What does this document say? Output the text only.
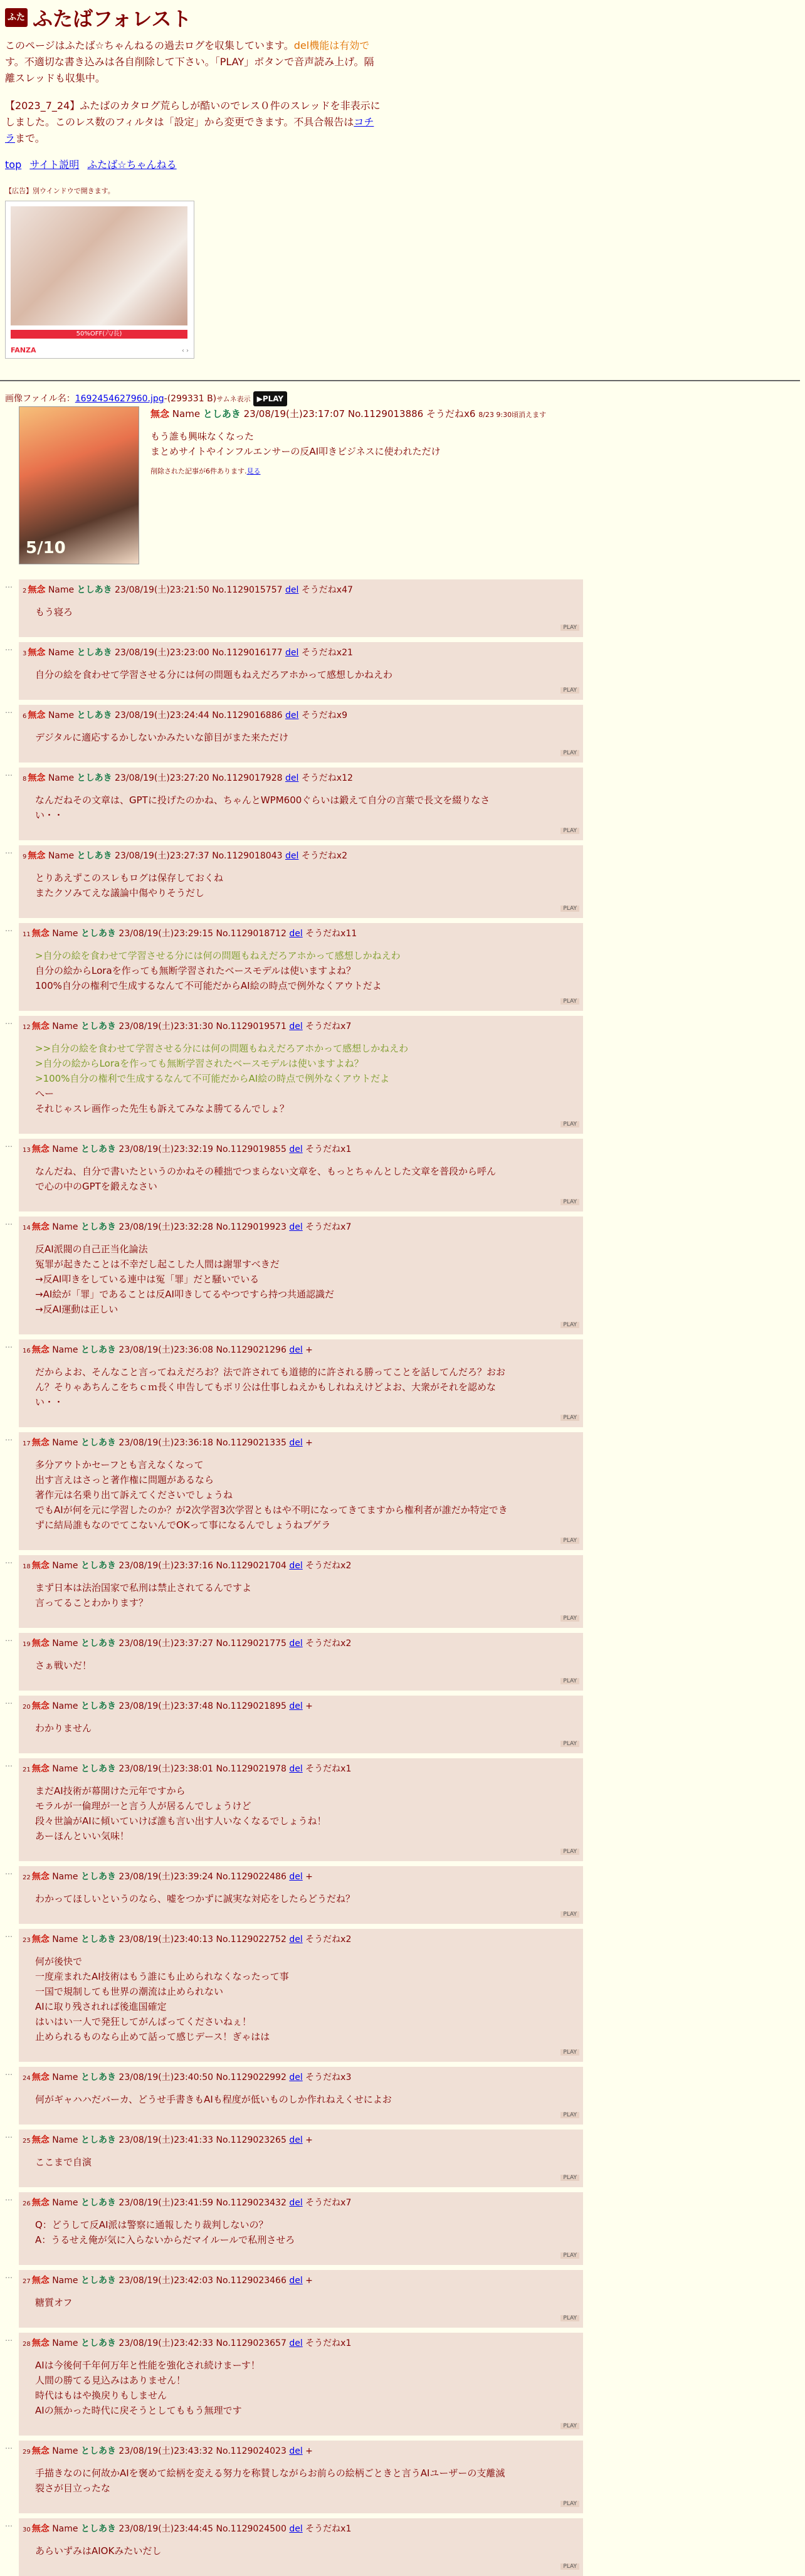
ふた ふたばフォレスト

このページはふたば☆ちゃんねるの過去ログを収集しています。del機能は有効です。不適切な書き込みは各自削除して下さい。「PLAY」ボタンで音声読み上げ。隔離スレッドも収集中。

【2023_7_24】ふたばのカタログ荒らしが酷いのでレス０件のスレッドを非表示にしました。このレス数のフィルタは「設定」から変更できます。不具合報告はコチラまで。

top サイト説明 ふたば☆ちゃんねる
【広告】別ウインドウで開きます。
50%OFF(六/長)
FANZA	‹ ›
画像ファイル名：1692454627960.jpg-(299331 B)サムネ表示 ▶PLAY
5/10
無念 Name としあき 23/08/19(土)23:17:07 No.1129013886 そうだねx6 8/23 9:30頃消えます
もう誰も興味なくなった
まとめサイトやインフルエンサーの反AI叩きビジネスに使われただけ
削除された記事が6件あります.見る
…
2 無念 Name としあき 23/08/19(土)23:21:50 No.1129015757 del そうだねx47
もう寝ろ
PLAY
…
3 無念 Name としあき 23/08/19(土)23:23:00 No.1129016177 del そうだねx21
自分の絵を食わせて学習させる分には何の問題もねえだろアホかって感想しかねえわ
PLAY
…
6 無念 Name としあき 23/08/19(土)23:24:44 No.1129016886 del そうだねx9
デジタルに適応するかしないかみたいな節目がまた来ただけ
PLAY
…
8 無念 Name としあき 23/08/19(土)23:27:20 No.1129017928 del そうだねx12
なんだねその文章は、GPTに投げたのかね、ちゃんとWPM600ぐらいは鍛えて自分の言葉で長文を綴りなさ
い・・
PLAY
…
9 無念 Name としあき 23/08/19(土)23:27:37 No.1129018043 del そうだねx2
とりあえずこのスレもログは保存しておくね
またクソみてえな議論中傷やりそうだし
PLAY
…
11 無念 Name としあき 23/08/19(土)23:29:15 No.1129018712 del そうだねx11
>自分の絵を食わせて学習させる分には何の問題もねえだろアホかって感想しかねえわ
自分の絵からLoraを作っても無断学習されたベースモデルは使いますよね？
100%自分の権利で生成するなんて不可能だからAI絵の時点で例外なくアウトだよ
PLAY
…
12 無念 Name としあき 23/08/19(土)23:31:30 No.1129019571 del そうだねx7
>>自分の絵を食わせて学習させる分には何の問題もねえだろアホかって感想しかねえわ
>自分の絵からLoraを作っても無断学習されたベースモデルは使いますよね？
>100%自分の権利で生成するなんて不可能だからAI絵の時点で例外なくアウトだよ
へー
それじゃスレ画作った先生も訴えてみなよ勝てるんでしょ？
PLAY
…
13 無念 Name としあき 23/08/19(土)23:32:19 No.1129019855 del そうだねx1
なんだね、自分で書いたというのかねその種拙でつまらない文章を、もっとちゃんとした文章を普段から呼ん
で心の中のGPTを鍛えなさい
PLAY
…
14 無念 Name としあき 23/08/19(土)23:32:28 No.1129019923 del そうだねx7
反AI派閥の自己正当化論法
冤罪が起きたことは不幸だし起こした人間は謝罪すべきだ
→反AI叩きをしている連中は冤「罪」だと騒いでいる
→AI絵が「罪」であることは反AI叩きしてるやつですら持つ共通認識だ
→反AI運動は正しい
PLAY
…
16 無念 Name としあき 23/08/19(土)23:36:08 No.1129021296 del +
だからよお、そんなこと言ってねえだろお？法で許されても道徳的に許される勝ってことを話してんだろ？おお
ん？そりゃあちんこをちｃｍ長く申告してもポリ公は仕事しねえかもしれねえけどよお、大衆がそれを認めな
い・・
PLAY
…
17 無念 Name としあき 23/08/19(土)23:36:18 No.1129021335 del +
多分アウトかセーフとも言えなくなって
出す言えはさっと著作権に問題があるなら
著作元は名乗り出て訴えてくださいでしょうね
でもAIが何を元に学習したのか？が2次学習3次学習ともはや不明になってきてますから権利者が誰だか特定でき
ずに結局誰もなのでてこないんでOKって事になるんでしょうねプゲラ
PLAY
…
18 無念 Name としあき 23/08/19(土)23:37:16 No.1129021704 del そうだねx2
まず日本は法治国家で私刑は禁止されてるんですよ
言ってることわかります？
PLAY
…
19 無念 Name としあき 23/08/19(土)23:37:27 No.1129021775 del そうだねx2
さぁ戦いだ！
PLAY
…
20 無念 Name としあき 23/08/19(土)23:37:48 No.1129021895 del +
わかりません
PLAY
…
21 無念 Name としあき 23/08/19(土)23:38:01 No.1129021978 del そうだねx1
まだAI技術が幕開けた元年ですから
モラルが一倫理が一と言う人が居るんでしょうけど
段々世論がAIに傾いていけば誰も言い出す人いなくなるでしょうね！
あーほんといい気味！
PLAY
…
22 無念 Name としあき 23/08/19(土)23:39:24 No.1129022486 del +
わかってほしいというのなら、嘘をつかずに誠実な対応をしたらどうだね？
PLAY
…
23 無念 Name としあき 23/08/19(土)23:40:13 No.1129022752 del そうだねx2
何が後快で
一度産まれたAI技術はもう誰にも止められなくなったって事
一国で規制しても世界の潮流は止められない
AIに取り残されれば後進国確定
はいはい一人で発狂してがんばってくださいねぇ！
止められるものなら止めて話って感じデース！ぎゃはは
PLAY
…
24 無念 Name としあき 23/08/19(土)23:40:50 No.1129022992 del そうだねx3
何がギャハハだバーカ、どうせ手書きもAIも程度が低いものしか作れねえくせによお
PLAY
…
25 無念 Name としあき 23/08/19(土)23:41:33 No.1129023265 del +
ここまで自演
PLAY
…
26 無念 Name としあき 23/08/19(土)23:41:59 No.1129023432 del そうだねx7
Q：どうして反AI派は警察に通報したり裁判しないの？
A：うるせえ俺が気に入らないからだマイルールで私刑させろ
PLAY
…
27 無念 Name としあき 23/08/19(土)23:42:03 No.1129023466 del +
糖質オフ
PLAY
…
28 無念 Name としあき 23/08/19(土)23:42:33 No.1129023657 del そうだねx1
AIは今後何千年何万年と性能を強化され続けまーす！
人間の勝てる見込みはありません！
時代はもはや換戻りもしません
AIの無かった時代に戻そうとしてももう無理です
PLAY
…
29 無念 Name としあき 23/08/19(土)23:43:32 No.1129024023 del +
手描きなのに何故かAIを褒めて絵柄を変える努力を称賛しながらお前らの絵柄ごときと言うAIユーザーの支離滅
裂さが目立ったな
PLAY
…
30 無念 Name としあき 23/08/19(土)23:44:45 No.1129024500 del そうだねx1
あらいずみはAIOKみたいだし
PLAY
